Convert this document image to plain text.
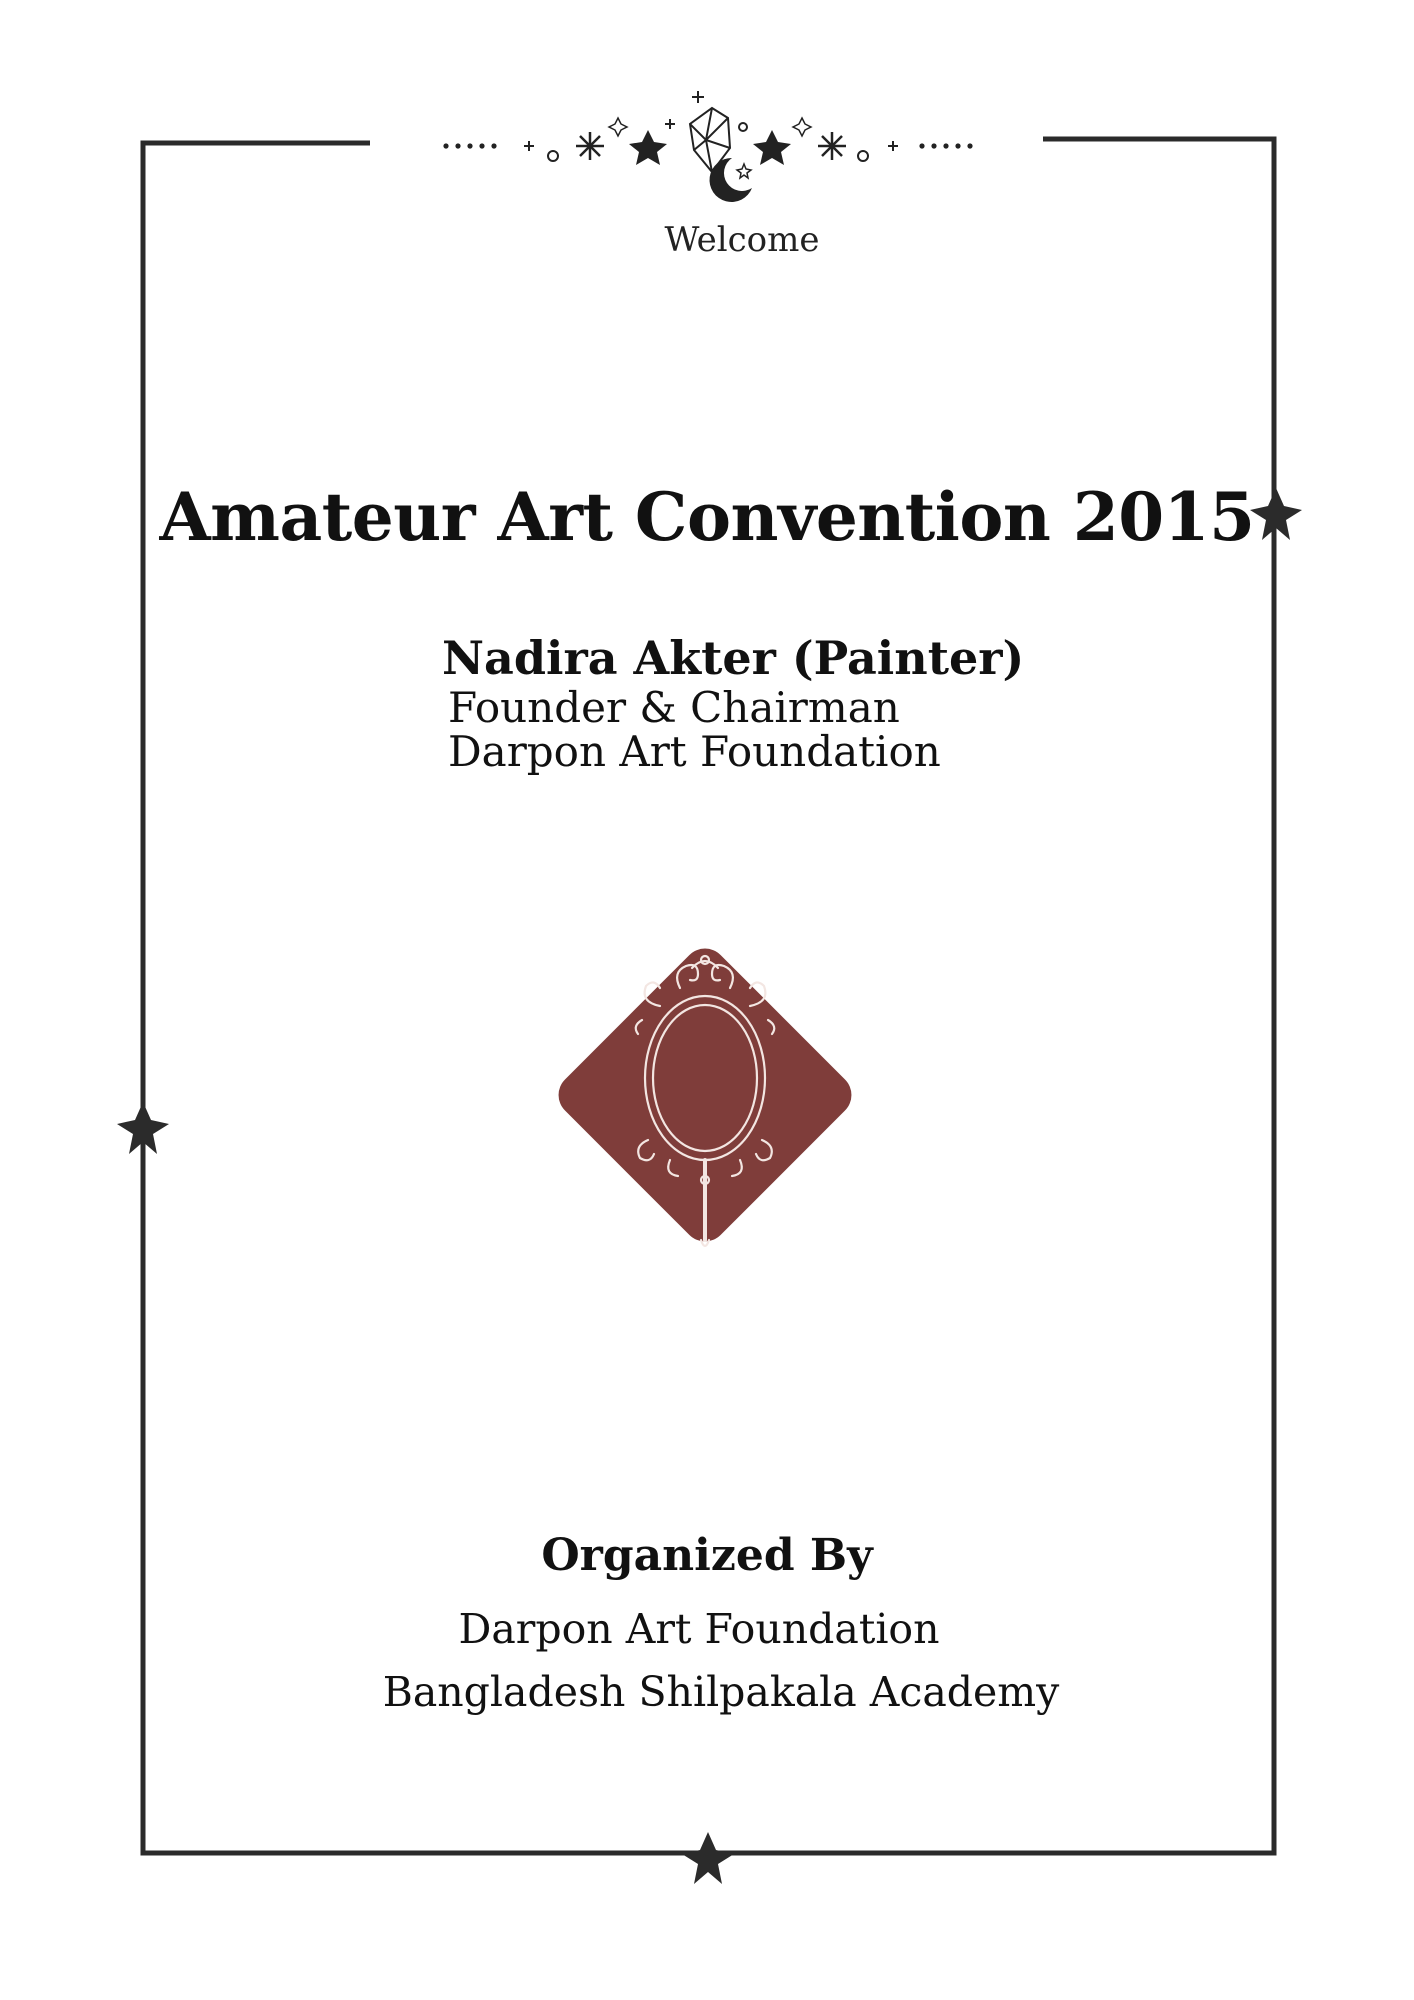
Welcome
Amateur Art Convention 2015

Nadira Akter (Painter)

Founder & Chairman

Darpon Art Foundation

Organized By
Darpon Art Foundation
Bangladesh Shilpakala Academy
